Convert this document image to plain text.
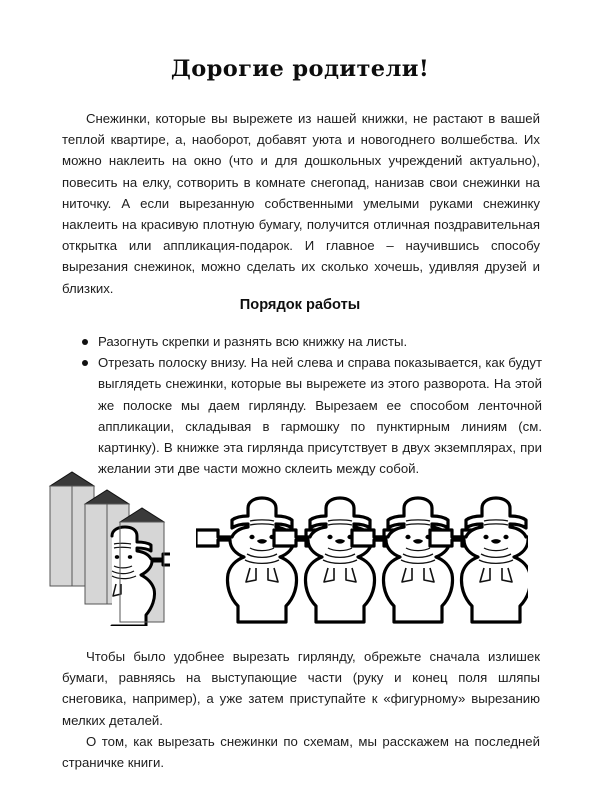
Дорогие родители!

Снежинки, которые вы вырежете из нашей книжки, не растают в вашей теплой квартире, а, наоборот, добавят уюта и новогоднего волшебства. Их можно наклеить на окно (что и для дошкольных учреждений актуально), повесить на елку, сотворить в комнате снегопад, нанизав свои снежинки на ниточку. А если вырезанную собственными умелыми руками снежинку наклеить на красивую плотную бумагу, получится отличная поздравительная открытка или аппликация-подарок. И главное – научившись способу вырезания снежинок, можно сделать их сколько хочешь, удивляя друзей и близких.

Порядок работы
Разогнуть скрепки и разнять всю книжку на листы.
Отрезать полоску внизу. На ней слева и справа показывается, как будут выглядеть снежинки, которые вы вырежете из этого разворота. На этой же полоске мы даем гирлянду. Вырезаем ее способом ленточной аппликации, складывая в гармошку по пунктирным линиям (см. картинку). В книжке эта гирлянда присутствует в двух экземплярах, при желании эти две части можно склеить между собой.

Чтобы было удобнее вырезать гирлянду, обрежьте сначала излишек бумаги, равняясь на выступающие части (руку и конец поля шляпы снеговика, например), а уже затем приступайте к «фигурному» вырезанию мелких деталей.

О том, как вырезать снежинки по схемам, мы расскажем на последней страничке книги.
